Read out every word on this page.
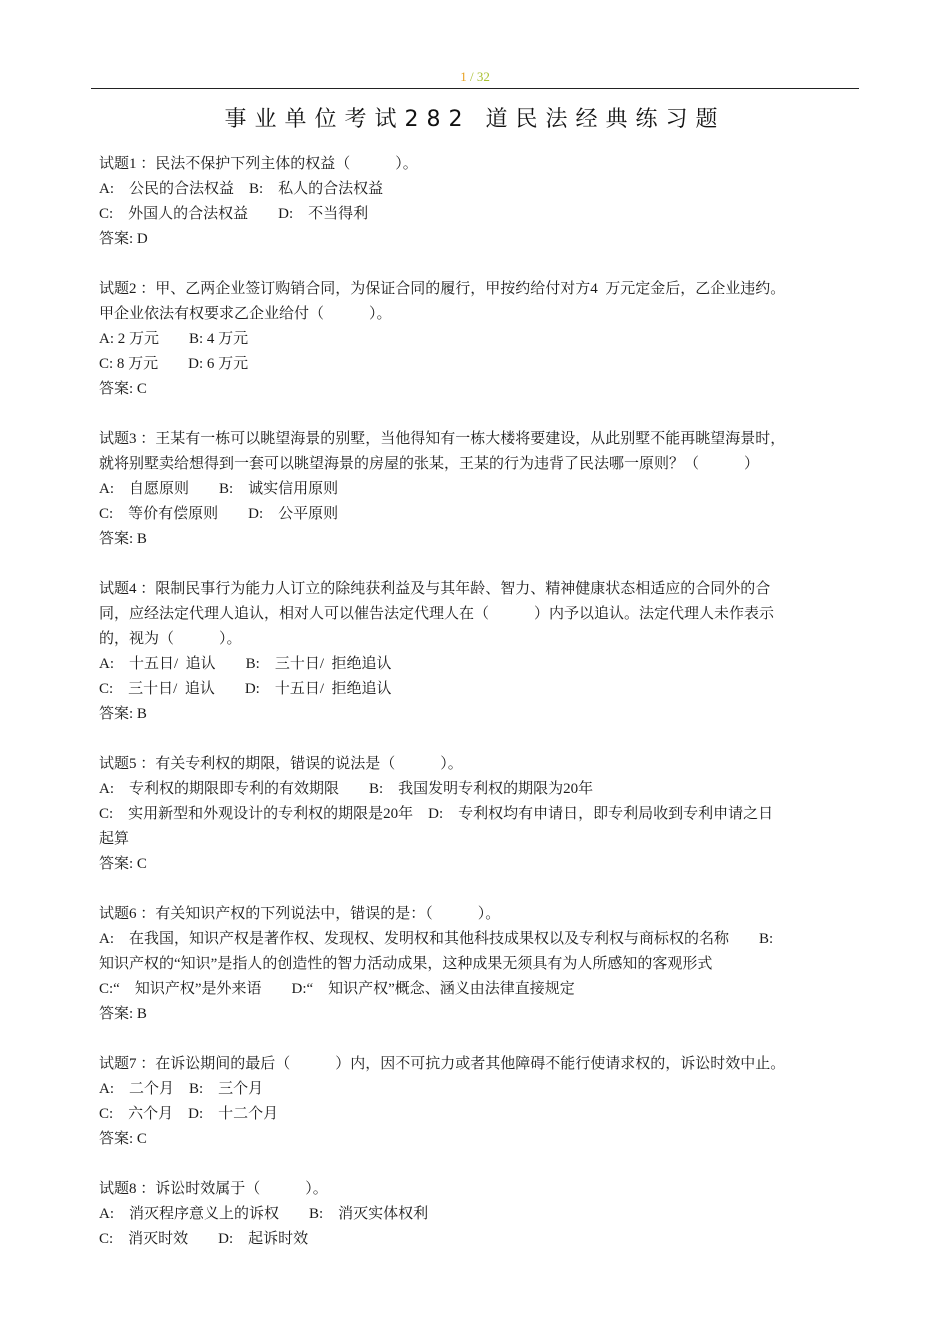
1 / 32
事业单位考试282 道民法经典练习题
试题1 ：民法不保护下列主体的权益（　　　）。
A:　公民的合法权益　B:　私人的合法权益
C:　外国人的合法权益　　D:　不当得利
答案: D
试题2 ：甲、乙两企业签订购销合同，为保证合同的履行，甲按约给付对方4  万元定金后，乙企业违约。
甲企业依法有权要求乙企业给付（　　　）。
A: 2 万元　　B: 4 万元
C: 8 万元　　D: 6 万元
答案: C
试题3 ：王某有一栋可以眺望海景的别墅，当他得知有一栋大楼将要建设，从此别墅不能再眺望海景时，
就将别墅卖给想得到一套可以眺望海景的房屋的张某，王某的行为违背了民法哪一原则？（　　　）
A:　自愿原则　　B:　诚实信用原则
C:　等价有偿原则　　D:　公平原则
答案: B
试题4 ：限制民事行为能力人订立的除纯获利益及与其年龄、智力、精神健康状态相适应的合同外的合
同，应经法定代理人追认，相对人可以催告法定代理人在（　　　）内予以追认。法定代理人未作表示
的，视为（　　　）。
A:　十五日/  追认　　B:　三十日/  拒绝追认
C:　三十日/  追认　　D:　十五日/  拒绝追认
答案: B
试题5 ：有关专利权的期限，错误的说法是（　　　）。
A:　专利权的期限即专利的有效期限　　B:　我国发明专利权的期限为20年
C:　实用新型和外观设计的专利权的期限是20年　D:　专利权均有申请日，即专利局收到专利申请之日
起算
答案: C
试题6 ：有关知识产权的下列说法中，错误的是：（　　　）。
A:　在我国，知识产权是著作权、发现权、发明权和其他科技成果权以及专利权与商标权的名称　　B:
知识产权的“知识”是指人的创造性的智力活动成果，这种成果无须具有为人所感知的客观形式
C:“　知识产权”是外来语　　D:“　知识产权”概念、涵义由法律直接规定
答案: B
试题7 ：在诉讼期间的最后（　　　）内，因不可抗力或者其他障碍不能行使请求权的，诉讼时效中止。
A:　二个月　B:　三个月
C:　六个月　D:　十二个月
答案: C
试题8 ：诉讼时效属于（　　　）。
A:　消灭程序意义上的诉权　　B:　消灭实体权利
C:　消灭时效　　D:　起诉时效
